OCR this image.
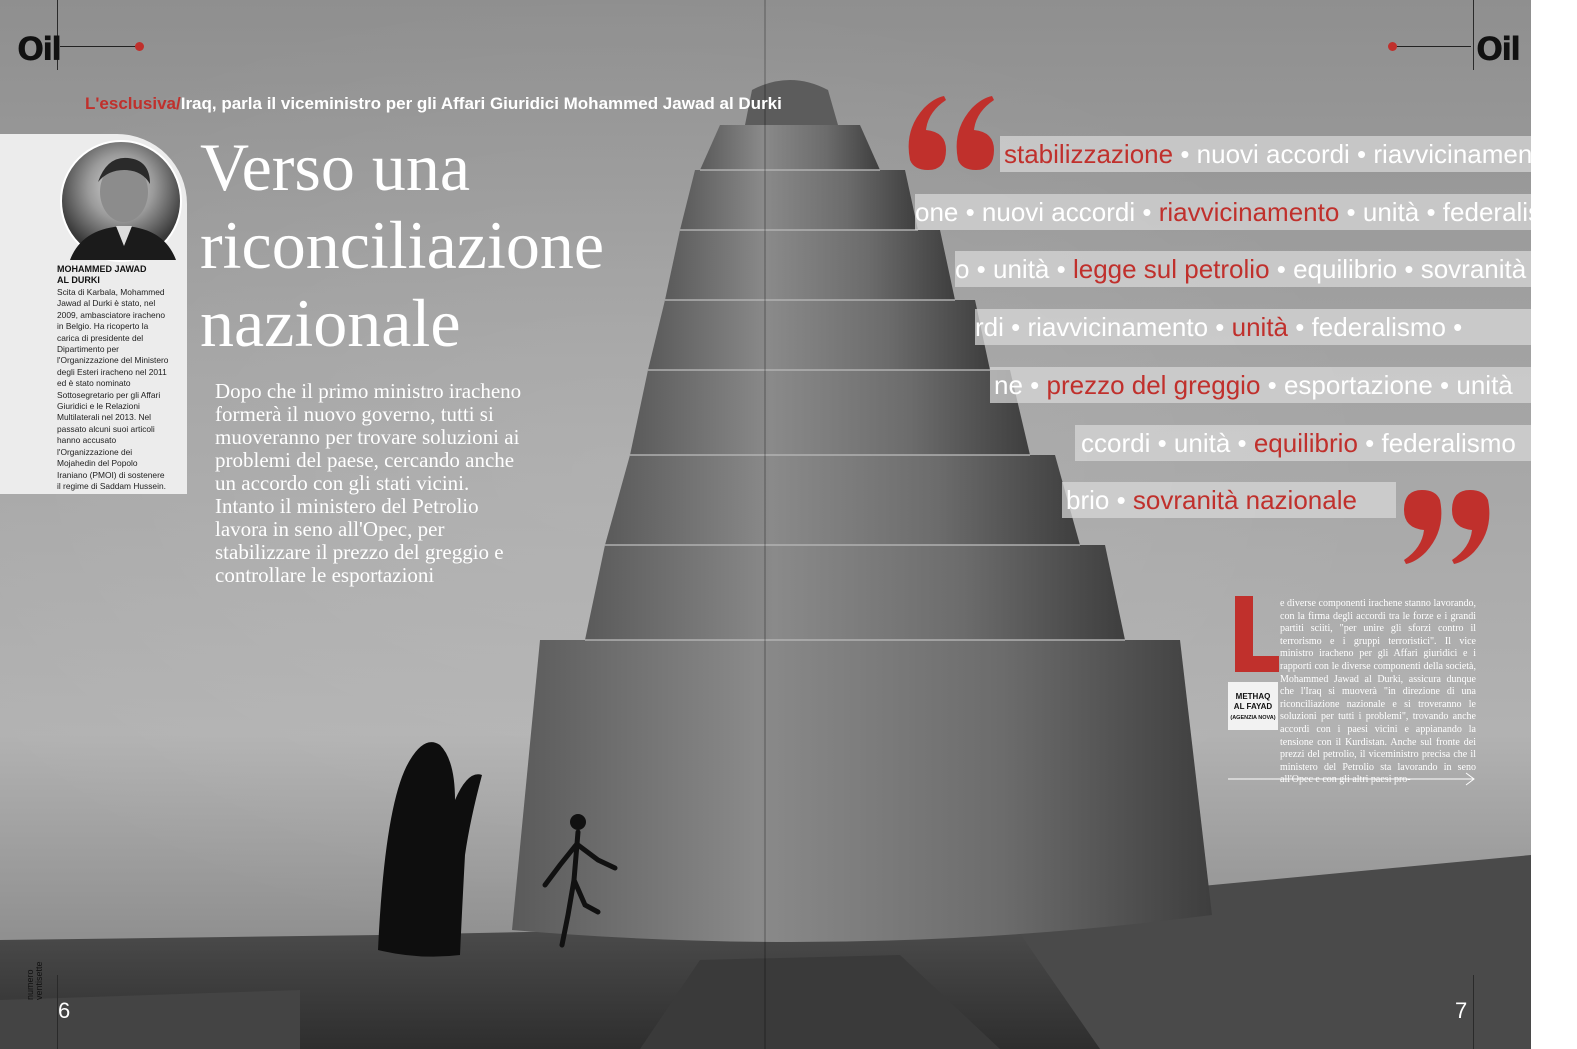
Oil	Oil
L'esclusiva/Iraq, parla il viceministro per gli Affari Giuridici Mohammed Jawad al Durki
MOHAMMED JAWAD
AL DURKI
Scita di Karbala, Mohammed Jawad al Durki è stato, nel 2009, ambasciatore iracheno in Belgio. Ha ricoperto la carica di presidente del Dipartimento per l'Organizzazione del Ministero degli Esteri iracheno nel 2011 ed è stato nominato Sottosegretario per gli Affari Giuridici e le Relazioni Multilaterali nel 2013. Nel passato alcuni suoi articoli hanno accusato l'Organizzazione dei Mojahedin del Popolo Iraniano (PMOI) di sostenere il regime di Saddam Hussein.
Verso una
riconciliazione
nazionale
Dopo che il primo ministro iracheno formerà il nuovo governo, tutti si muoveranno per trovare soluzioni ai problemi del paese, cercando anche un accordo con gli stati vicini. Intanto il ministero del Petrolio lavora in seno all'Opec, per stabilizzare il prezzo del greggio e controllare le esportazioni
stabilizzazione • nuovi accordi • riavvicinamento
one • nuovi accordi • riavvicinamento • unità • federalismo
o • unità • legge sul petrolio • equilibrio • sovranità
rdi • riavvicinamento • unità • federalismo •
ne • prezzo del greggio • esportazione • unità
ccordi • unità • equilibrio • federalismo
brio • sovranità nazionale
e diverse componenti irachene stanno lavorando, con la firma degli accordi tra le forze e i grandi partiti sciiti, "per unire gli sforzi contro il terrorismo e i gruppi terroristici". Il vice ministro iracheno per gli Affari giuridici e i rapporti con le diverse componenti della società, Mohammed Jawad al Durki, assicura dunque che l'Iraq si muoverà "in direzione di una riconciliazione nazionale e si troveranno le soluzioni per tutti i problemi", trovando anche accordi con i paesi vicini e appianando la tensione con il Kurdistan. Anche sul fronte dei prezzi del petrolio, il viceministro precisa che il ministero del Petrolio sta lavorando in seno all'Opec e con gli altri paesi pro-
METHAQ
AL FAYAD
(AGENZIA NOVA)
numero ventisette
6	7
